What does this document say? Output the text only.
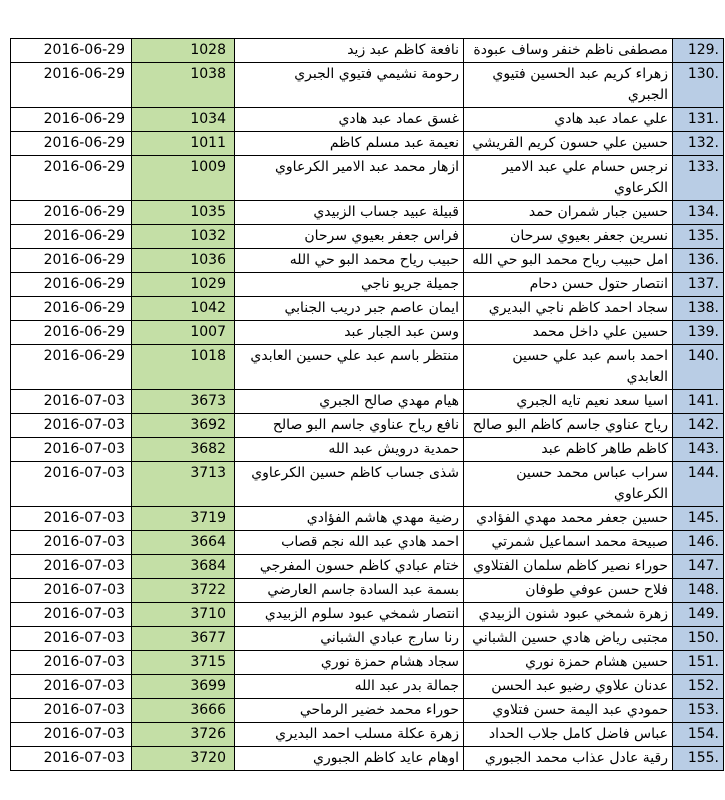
2016-06-29	1028	نافعة كاظم عبد زيد	مصطفى ناظم خنفر وساف عبودة	129.
2016-06-29	1038	رحومة نشيمي فتيوي الجبري	زهراء كريم عبد الحسين فتيوي الجبري	130.
2016-06-29	1034	غسق عماد عبد هادي	علي عماد عبد هادي	131.
2016-06-29	1011	نعيمة عبد مسلم كاظم	حسين علي حسون كريم القريشي	132.
2016-06-29	1009	ازهار محمد عبد الامير الكرعاوي	نرجس حسام علي عبد الامير الكرعاوي	133.
2016-06-29	1035	قبيلة عبيد جساب الزبيدي	حسين جبار شمران حمد	134.
2016-06-29	1032	فراس جعفر بعيوي سرحان	نسرين جعفر بعيوي سرحان	135.
2016-06-29	1036	حبيب رياح محمد البو حي الله	امل حبيب رياح محمد البو حي الله	136.
2016-06-29	1029	جميلة جريو ناجي	انتصار حتول حسن دحام	137.
2016-06-29	1042	ايمان عاصم جبر دريب الجنابي	سجاد احمد كاظم ناجي البديري	138.
2016-06-29	1007	وسن عبد الجبار عبد	حسين علي داخل محمد	139.
2016-06-29	1018	منتظر باسم عبد علي حسين العابدي	احمد باسم عبد علي حسين العابدي	140.
2016-07-03	3673	هيام مهدي صالح الجبري	اسيا سعد نعيم تايه الجبري	141.
2016-07-03	3692	نافع رياح عناوي جاسم البو صالح	رياح عناوي جاسم كاظم البو صالح	142.
2016-07-03	3682	حمدية درويش عبد الله	كاظم طاهر كاظم عبد	143.
2016-07-03	3713	شذى جساب كاظم حسين الكرعاوي	سراب عباس محمد حسين الكرعاوي	144.
2016-07-03	3719	رضية مهدي هاشم الفؤادي	حسين جعفر محمد مهدي الفؤادي	145.
2016-07-03	3664	احمد هادي عبد الله نجم قصاب	صبيحة محمد اسماعيل شمرتي	146.
2016-07-03	3684	ختام عبادي كاظم حسون المفرجي	حوراء نصير كاظم سلمان الفتلاوي	147.
2016-07-03	3722	بسمة عبد السادة جاسم العارضي	فلاح حسن عوفي طوفان	148.
2016-07-03	3710	انتصار شمخي عبود سلوم الزبيدي	زهرة شمخي عبود شنون الزبيدي	149.
2016-07-03	3677	رنا سارج عبادي الشباني	مجتبى رياض هادي حسين الشباني	150.
2016-07-03	3715	سجاد هشام حمزة نوري	حسين هشام حمزة نوري	151.
2016-07-03	3699	جمالة بدر عبد الله	عدنان علاوي رضيو عبد الحسن	152.
2016-07-03	3666	حوراء محمد خضير الرماحي	حمودي عبد اليمة حسن فتلاوي	153.
2016-07-03	3726	زهرة عكلة مسلب احمد البديري	عباس فاضل كامل جلاب الحداد	154.
2016-07-03	3720	اوهام عايد كاظم الجبوري	رقية عادل عذاب محمد الجبوري	155.
